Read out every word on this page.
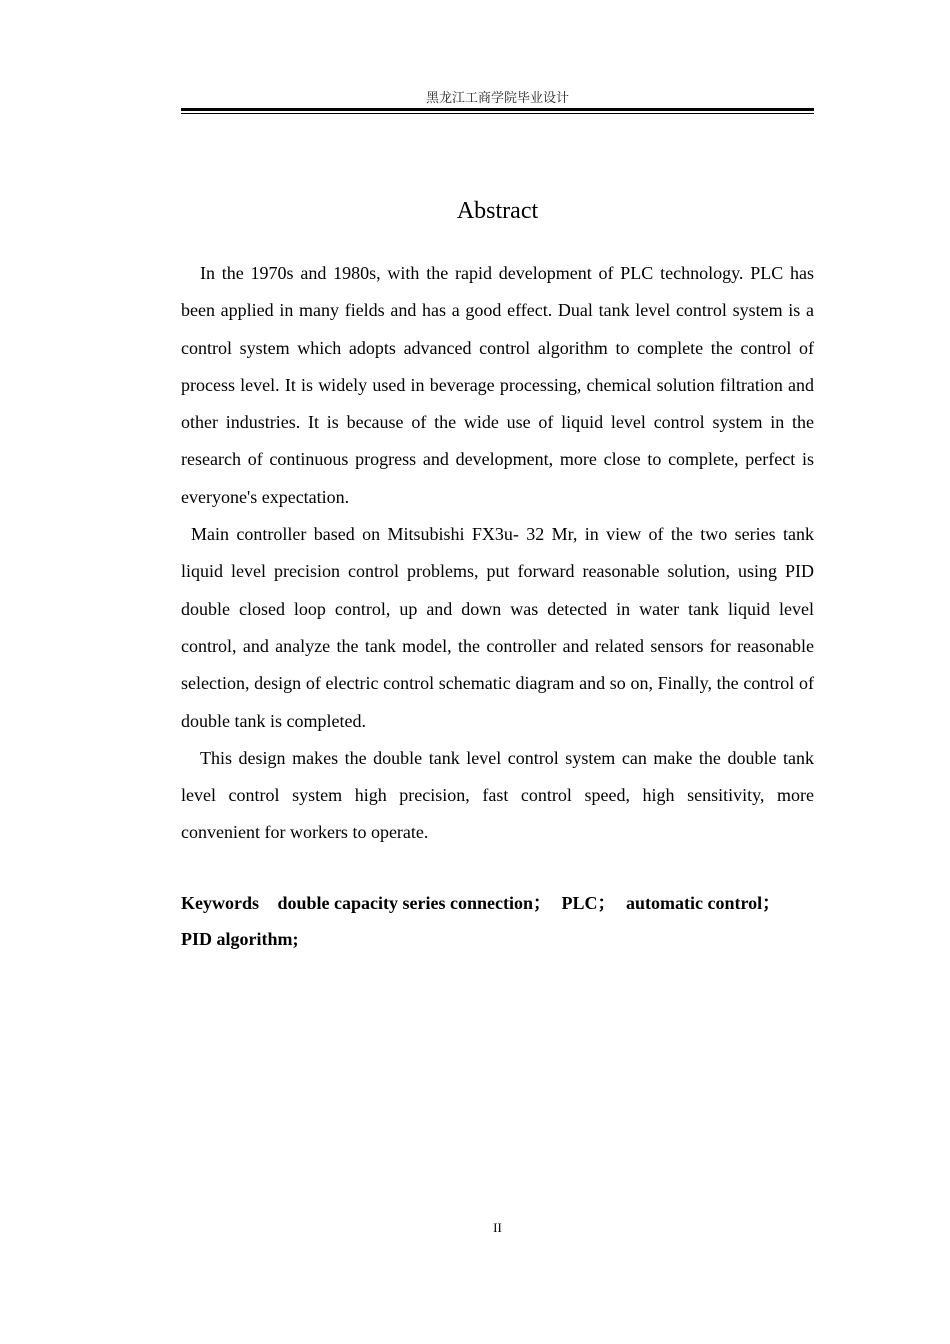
黑龙江工商学院毕业设计
Abstract

In the 1970s and 1980s, with the rapid development of PLC technology. PLC has been applied in many fields and has a good effect. Dual tank level control system is a control system which adopts advanced control algorithm to complete the control of process level. It is widely used in beverage processing, chemical solution filtration and other industries. It is because of the wide use of liquid level control system in the research of continuous progress and development, more close to complete, perfect is everyone's expectation.

Main controller based on Mitsubishi FX3u- 32 Mr, in view of the two series tank liquid level precision control problems, put forward reasonable solution, using PID double closed loop control, up and down was detected in water tank liquid level control, and analyze the tank model, the controller and related sensors for reasonable selection, design of electric control schematic diagram and so on, Finally, the control of double tank is completed.

This design makes the double tank level control system can make the double tank level control system high precision, fast control speed, high sensitivity, more convenient for workers to operate.

Keywords double capacity series connection； PLC； automatic control；
PID algorithm;
II
